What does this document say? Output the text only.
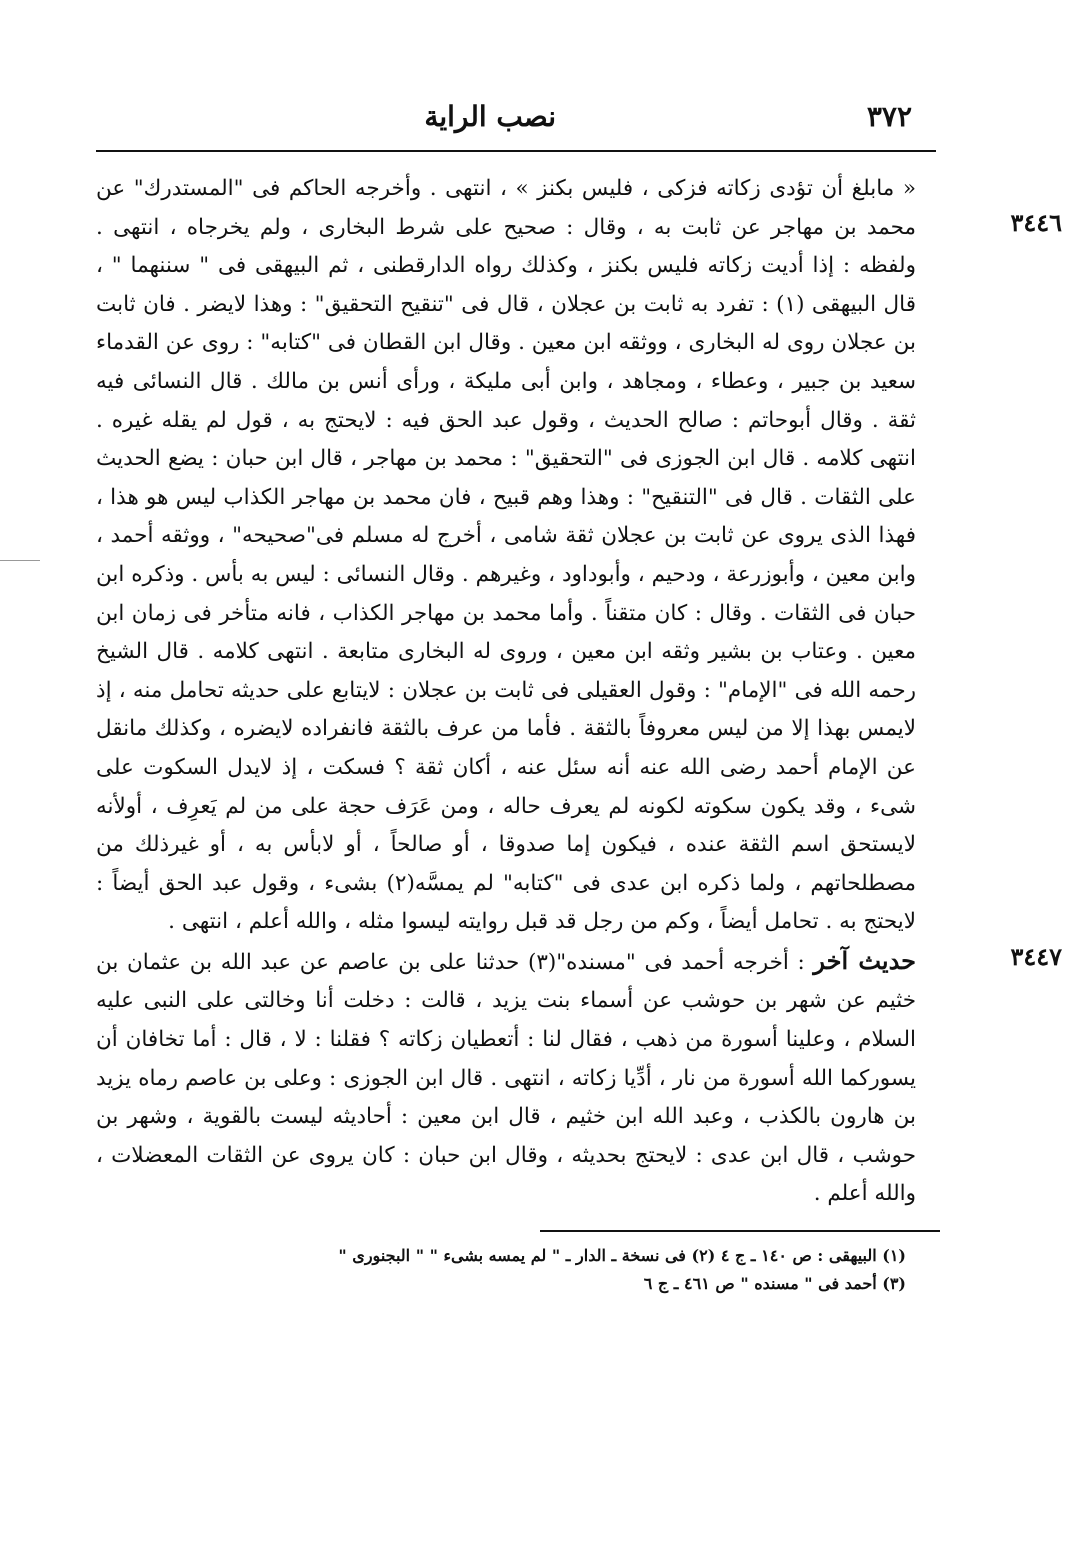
٣٧٢
نصب الراية
٣٤٤٦
٣٤٤٧

« مابلغ أن تؤدى زكاته فزكى ، فليس بكنز » ، انتهى . وأخرجه الحاكم فى "المستدرك" عن محمد بن مهاجر عن ثابت به ، وقال : صحيح على شرط البخارى ، ولم يخرجاه ، انتهى . ولفظه : إذا أديت زكاته فليس بكنز ، وكذلك رواه الدارقطنى ، ثم البيهقى فى " سننهما " ، قال البيهقى (١) : تفرد به ثابت بن عجلان ، قال فى "تنقيح التحقيق" : وهذا لايضر . فان ثابت بن عجلان روى له البخارى ، ووثقه ابن معين . وقال ابن القطان فى "كتابه" : روى عن القدماء سعيد بن جبير ، وعطاء ، ومجاهد ، وابن أبى مليكة ، ورأى أنس بن مالك . قال النسائى فيه ثقة . وقال أبوحاتم : صالح الحديث ، وقول عبد الحق فيه : لايحتج به ، قول لم يقله غيره . انتهى كلامه . قال ابن الجوزى فى "التحقيق" : محمد بن مهاجر ، قال ابن حبان : يضع الحديث على الثقات . قال فى "التنقيح" : وهذا وهم قبيح ، فان محمد بن مهاجر الكذاب ليس هو هذا ، فهذا الذى يروى عن ثابت بن عجلان ثقة شامى ، أخرج له مسلم فى"صحيحه" ، ووثقه أحمد ، وابن معين ، وأبوزرعة ، ودحيم ، وأبوداود ، وغيرهم . وقال النسائى : ليس به بأس . وذكره ابن حبان فى الثقات . وقال : كان متقناً . وأما محمد بن مهاجر الكذاب ، فانه متأخر فى زمان ابن معين . وعتاب بن بشير وثقه ابن معين ، وروى له البخارى متابعة . انتهى كلامه . قال الشيخ رحمه الله فى "الإمام" : وقول العقيلى فى ثابت بن عجلان : لايتابع على حديثه تحامل منه ، إذ لايمس بهذا إلا من ليس معروفاً بالثقة . فأما من عرف بالثقة فانفراده لايضره ، وكذلك مانقل عن الإمام أحمد رضى الله عنه أنه سئل عنه ، أكان ثقة ؟ فسكت ، إذ لايدل السكوت على شىء ، وقد يكون سكوته لكونه لم يعرف حاله ، ومن عَرَف حجة على من لم يَعرِف ، أولأنه لايستحق اسم الثقة عنده ، فيكون إما صدوقا ، أو صالحاً ، أو لابأس به ، أو غيرذلك من مصطلحاتهم ، ولما ذكره ابن عدى فى "كتابه" لم يمسَّه(٢) بشىء ، وقول عبد الحق أيضاً : لايحتج به . تحامل أيضاً ، وكم من رجل قد قبل روايته ليسوا مثله ، والله أعلم ، انتهى .

حديث آخر : أخرجه أحمد فى "مسنده"(٣) حدثنا على بن عاصم عن عبد الله بن عثمان بن خثيم عن شهر بن حوشب عن أسماء بنت يزيد ، قالت : دخلت أنا وخالتى على النبى عليه السلام ، وعلينا أسورة من ذهب ، فقال لنا : أتعطيان زكاته ؟ فقلنا : لا ، قال : أما تخافان أن يسوركما الله أسورة من نار ، أدِّيا زكاته ، انتهى . قال ابن الجوزى : وعلى بن عاصم رماه يزيد بن هارون بالكذب ، وعبد الله ابن خثيم ، قال ابن معين : أحاديثه ليست بالقوية ، وشهر بن حوشب ، قال ابن عدى : لايحتج بحديثه ، وقال ابن حبان : كان يروى عن الثقات المعضلات ، والله أعلم .

(١) البيهقى : ص ١٤٠ ـ ج ٤ (٢) فى نسخة ـ الدار ـ " لم يمسه بشىء " " البجنورى "

(٣) أحمد فى " مسنده " ص ٤٦١ ـ ج ٦
